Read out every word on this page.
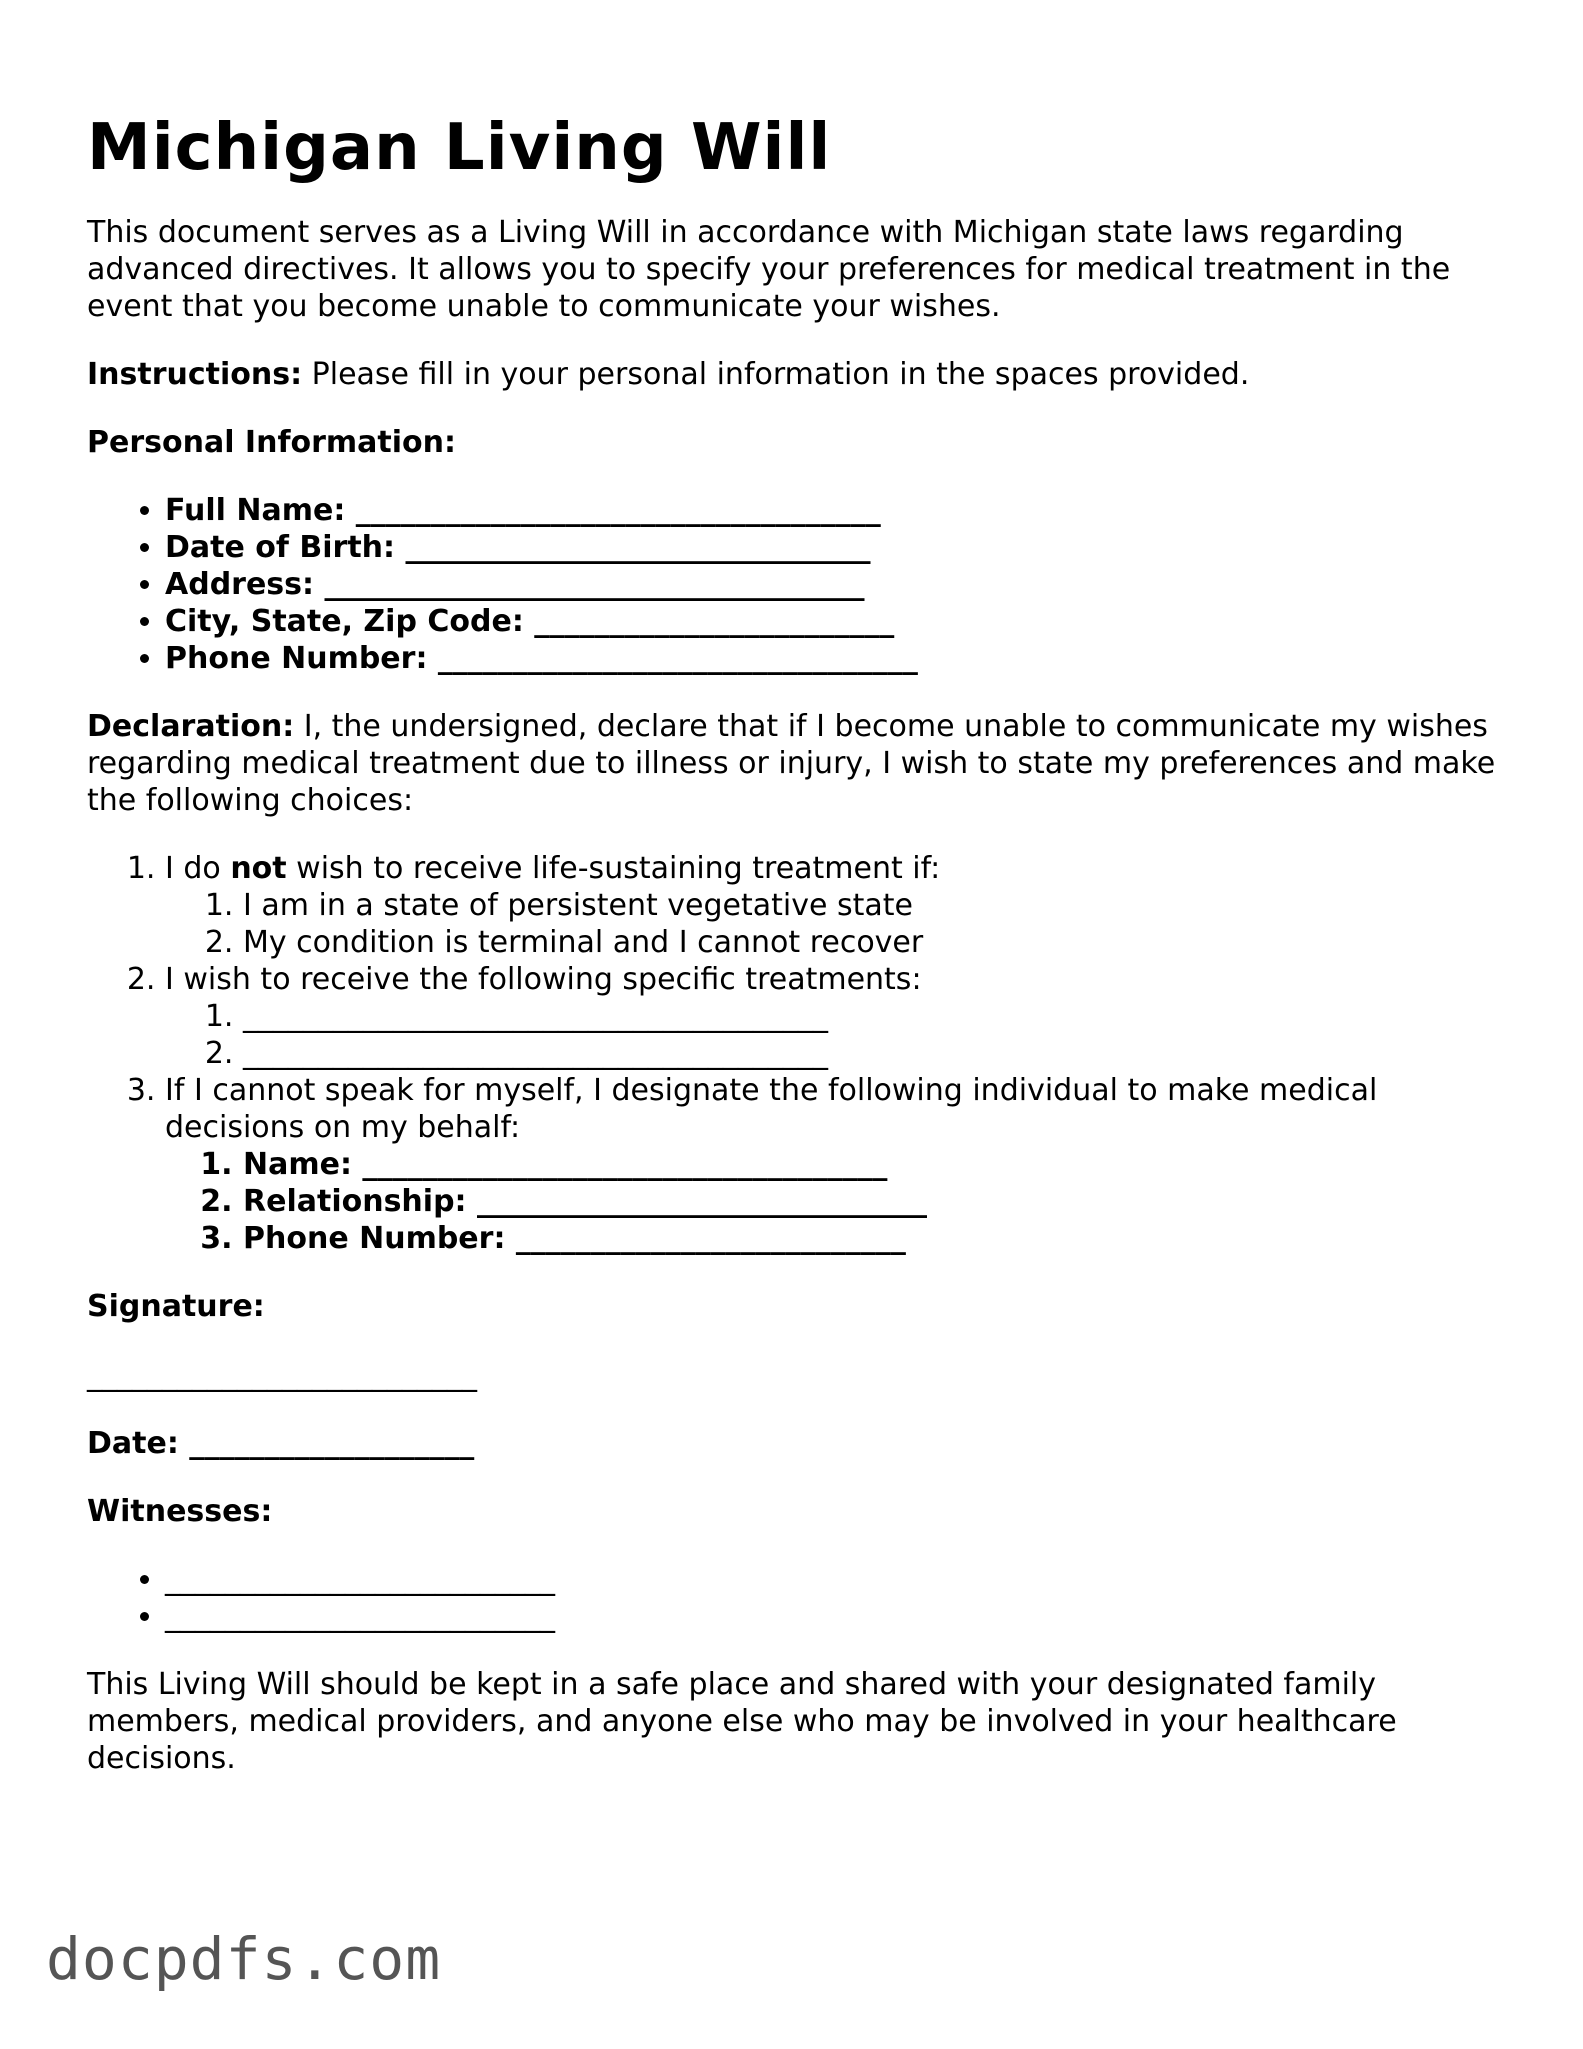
Michigan Living Will

This document serves as a Living Will in accordance with Michigan state laws regarding advanced directives. It allows you to specify your preferences for medical treatment in the event that you become unable to communicate your wishes.

Instructions: Please fill in your personal information in the spaces provided.

Personal Information:

• Full Name: ___________________________________
• Date of Birth: _______________________________
• Address: ____________________________________
• City, State, Zip Code: ________________________
• Phone Number: ________________________________

Declaration: I, the undersigned, declare that if I become unable to communicate my wishes regarding medical treatment due to illness or injury, I wish to state my preferences and make the following choices:

1. I do not wish to receive life-sustaining treatment if:
1. I am in a state of persistent vegetative state
2. My condition is terminal and I cannot recover
2. I wish to receive the following specific treatments:
1. _______________________________________
2. _______________________________________
3. If I cannot speak for myself, I designate the following individual to make medical decisions on my behalf:
1. Name: ___________________________________
2. Relationship: ______________________________
3. Phone Number: __________________________

Signature:

__________________________

Date: ___________________

Witnesses:

• __________________________
• __________________________

This Living Will should be kept in a safe place and shared with your designated family members, medical providers, and anyone else who may be involved in your healthcare decisions.

docpdfs.com
